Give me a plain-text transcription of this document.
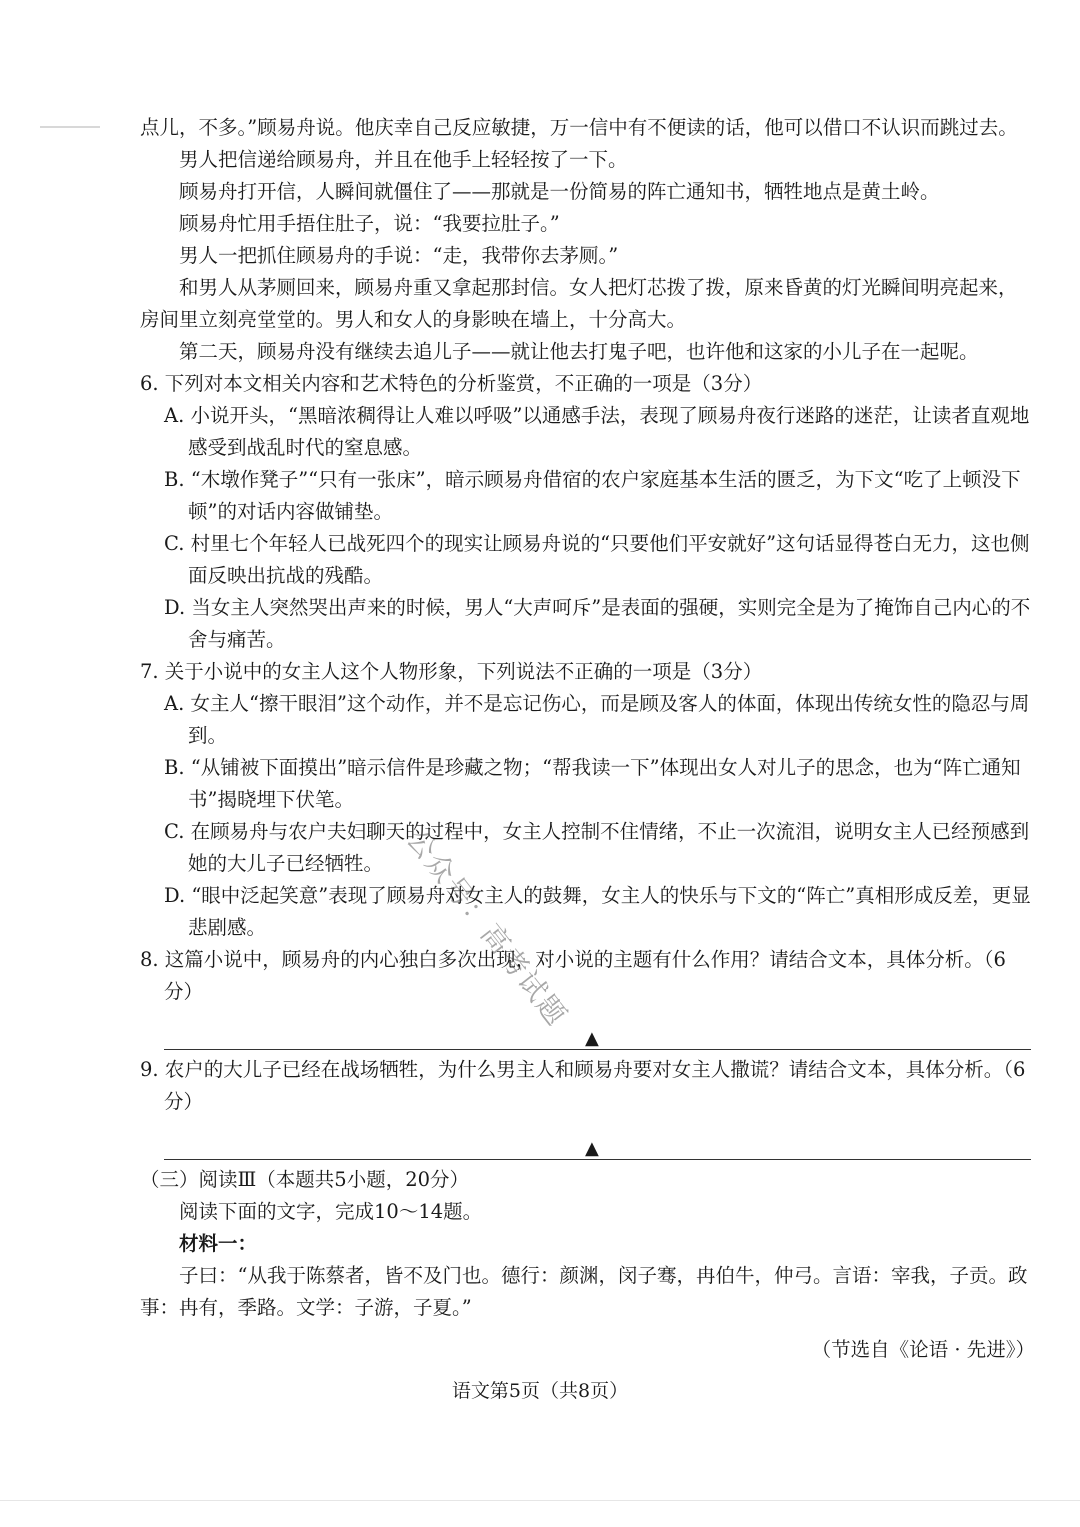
点儿，不多。”顾易舟说。他庆幸自己反应敏捷，万一信中有不便读的话，他可以借口不认识而跳过去。

男人把信递给顾易舟，并且在他手上轻轻按了一下。

顾易舟打开信，人瞬间就僵住了——那就是一份简易的阵亡通知书，牺牲地点是黄土岭。

顾易舟忙用手捂住肚子，说：“我要拉肚子。”

男人一把抓住顾易舟的手说：“走，我带你去茅厕。”

和男人从茅厕回来，顾易舟重又拿起那封信。女人把灯芯拨了拨，原来昏黄的灯光瞬间明亮起来，房间里立刻亮堂堂的。男人和女人的身影映在墙上，十分高大。

第二天，顾易舟没有继续去追儿子——就让他去打鬼子吧，也许他和这家的小儿子在一起呢。

6. 下列对本文相关内容和艺术特色的分析鉴赏，不正确的一项是（3分）

A. 小说开头，“黑暗浓稠得让人难以呼吸”以通感手法，表现了顾易舟夜行迷路的迷茫，让读者直观地感受到战乱时代的窒息感。

B. “木墩作凳子”“只有一张床”，暗示顾易舟借宿的农户家庭基本生活的匮乏，为下文“吃了上顿没下顿”的对话内容做铺垫。

C. 村里七个年轻人已战死四个的现实让顾易舟说的“只要他们平安就好”这句话显得苍白无力，这也侧面反映出抗战的残酷。

D. 当女主人突然哭出声来的时候，男人“大声呵斥”是表面的强硬，实则完全是为了掩饰自己内心的不舍与痛苦。

7. 关于小说中的女主人这个人物形象，下列说法不正确的一项是（3分）

A. 女主人“擦干眼泪”这个动作，并不是忘记伤心，而是顾及客人的体面，体现出传统女性的隐忍与周到。

B. “从铺被下面摸出”暗示信件是珍藏之物；“帮我读一下”体现出女人对儿子的思念，也为“阵亡通知书”揭晓埋下伏笔。

C. 在顾易舟与农户夫妇聊天的过程中，女主人控制不住情绪，不止一次流泪，说明女主人已经预感到她的大儿子已经牺牲。

D. “眼中泛起笑意”表现了顾易舟对女主人的鼓舞，女主人的快乐与下文的“阵亡”真相形成反差，更显悲剧感。

8. 这篇小说中，顾易舟的内心独白多次出现，对小说的主题有什么作用？请结合文本，具体分析。（6分）

▲

9. 农户的大儿子已经在战场牺牲，为什么男主人和顾易舟要对女主人撒谎？请结合文本，具体分析。（6分）

▲

（三）阅读Ⅲ（本题共5小题，20分）

阅读下面的文字，完成10～14题。

材料一：

子曰：“从我于陈蔡者，皆不及门也。德行：颜渊，闵子骞，冉伯牛，仲弓。言语：宰我，子贡。政事：冉有，季路。文学：子游，子夏。”

（节选自《论语 · 先进》）

语文第5页（共8页）
公众号：高考试题
